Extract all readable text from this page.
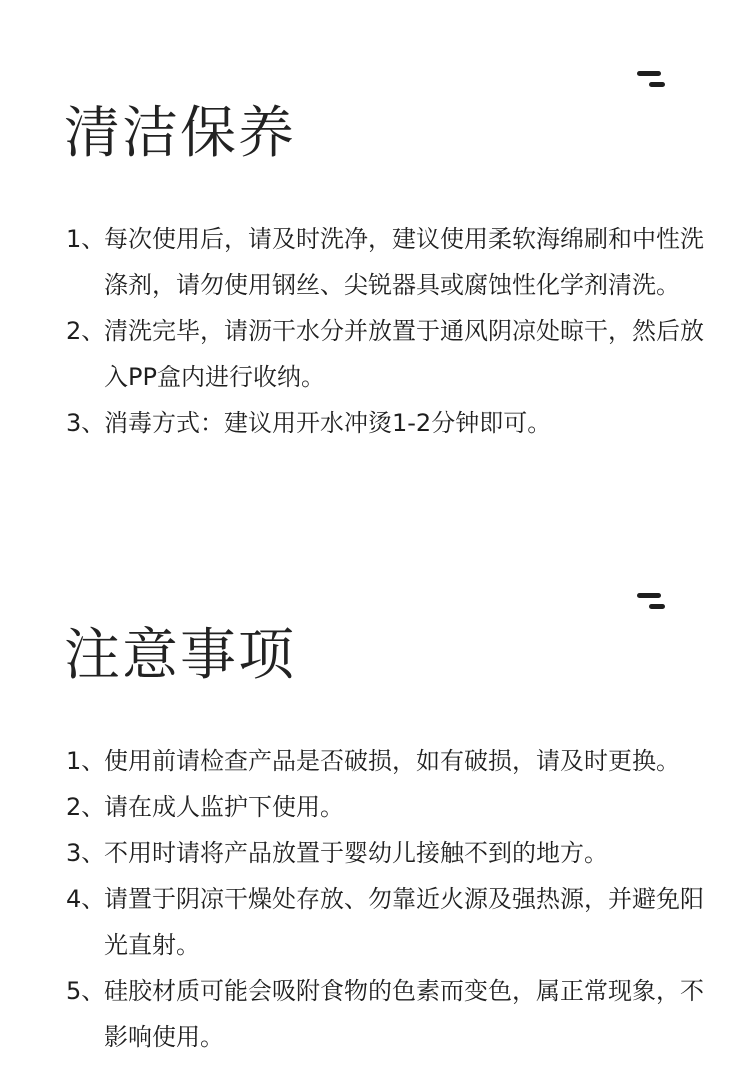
清洁保养
1、
每次使用后，请及时洗净，建议使用柔软海绵刷和中性洗涤剂，请勿使用钢丝、尖锐器具或腐蚀性化学剂清洗。
2、
清洗完毕，请沥干水分并放置于通风阴凉处晾干，然后放入PP盒内进行收纳。
3、
消毒方式：建议用开水冲烫1-2分钟即可。
注意事项
1、
使用前请检查产品是否破损，如有破损，请及时更换。
2、
请在成人监护下使用。
3、
不用时请将产品放置于婴幼儿接触不到的地方。
4、
请置于阴凉干燥处存放、勿靠近火源及强热源，并避免阳光直射。
5、
硅胶材质可能会吸附食物的色素而变色，属正常现象，不影响使用。
